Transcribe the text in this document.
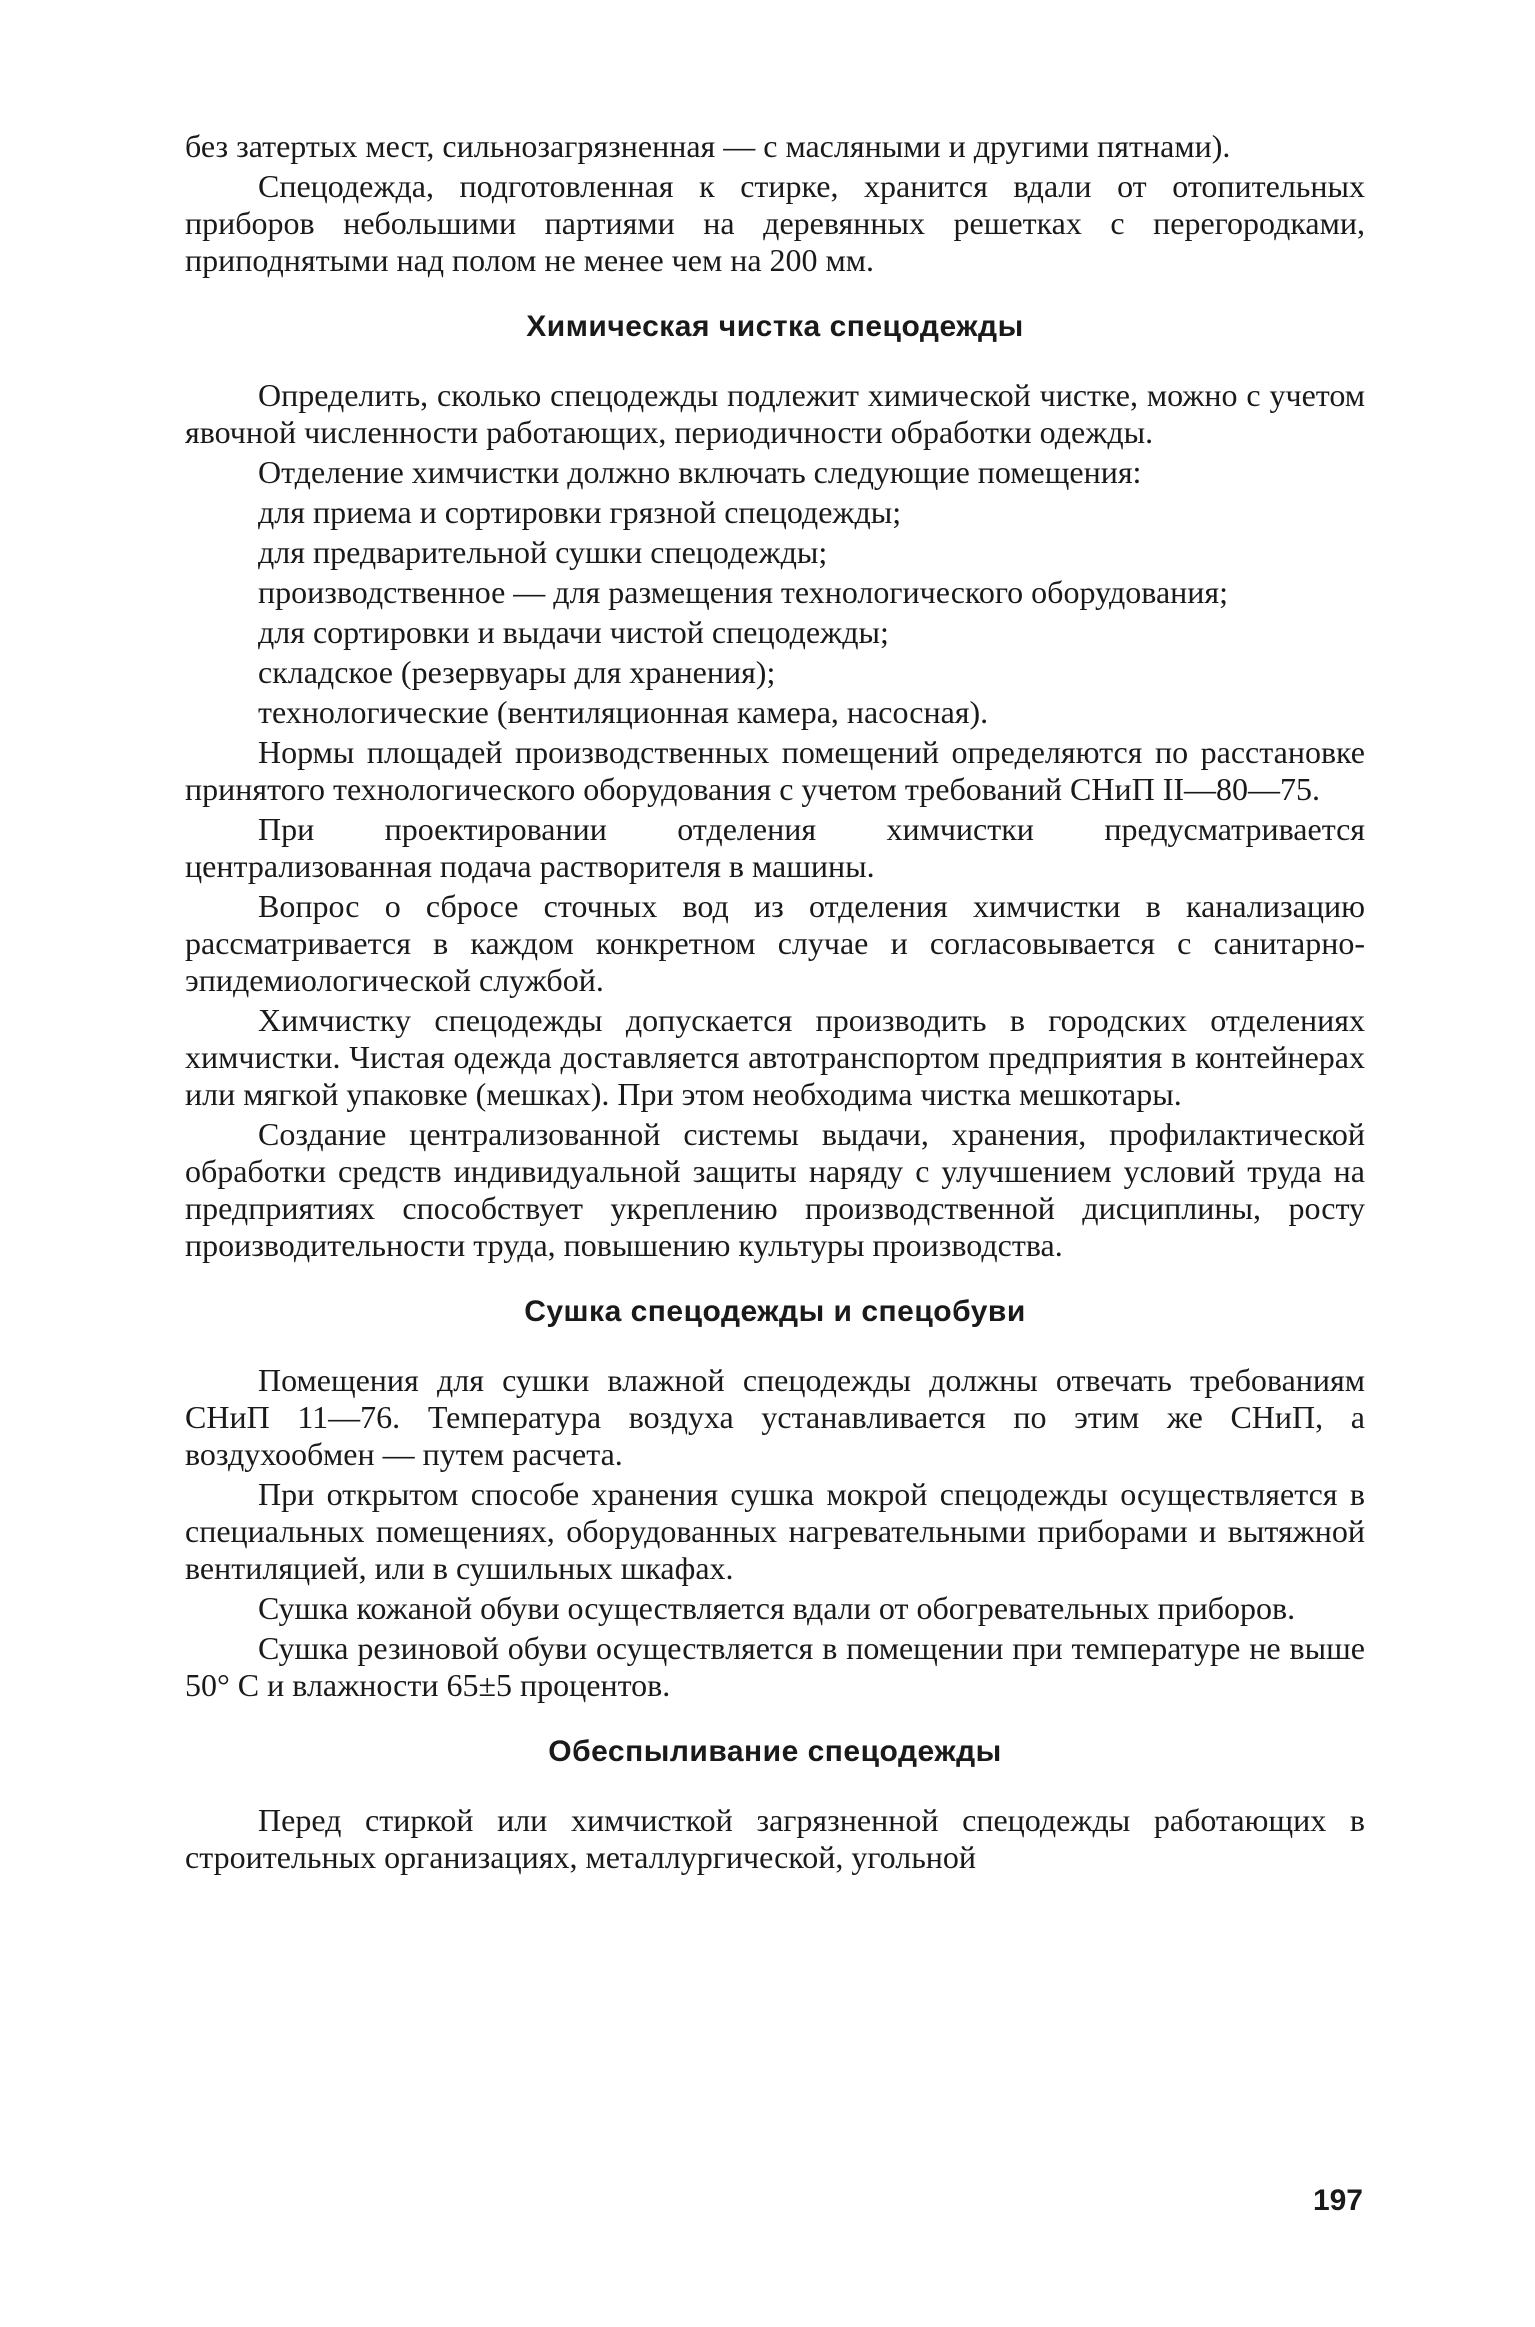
без затертых мест, сильнозагрязненная — с масляными и другими пятнами).

Спецодежда, подготовленная к стирке, хранится вдали от отопительных приборов небольшими партиями на деревянных решетках с перегородками, приподнятыми над полом не менее чем на 200 мм.

Химическая чистка спецодежды

Определить, сколько спецодежды подлежит химической чистке, можно с учетом явочной численности работающих, периодичности обработки одежды.

Отделение химчистки должно включать следующие помещения:

для приема и сортировки грязной спецодежды;

для предварительной сушки спецодежды;

производственное — для размещения технологического оборудования;

для сортировки и выдачи чистой спецодежды;

складское (резервуары для хранения);

технологические (вентиляционная камера, насосная).

Нормы площадей производственных помещений определяются по расстановке принятого технологического оборудования с учетом требований СНиП II—80—75.

При проектировании отделения химчистки предусматривается централизованная подача растворителя в машины.

Вопрос о сбросе сточных вод из отделения химчистки в канализацию рассматривается в каждом конкретном случае и согласовывается с санитарно-эпидемиологической службой.

Химчистку спецодежды допускается производить в городских отделениях химчистки. Чистая одежда доставляется автотранспортом предприятия в контейнерах или мягкой упаковке (мешках). При этом необходима чистка мешкотары.

Создание централизованной системы выдачи, хранения, профилактической обработки средств индивидуальной защиты наряду с улучшением условий труда на предприятиях способствует укреплению производственной дисциплины, росту производительности труда, повышению культуры производства.

Сушка спецодежды и спецобуви

Помещения для сушки влажной спецодежды должны отвечать требованиям СНиП 11—76. Температура воздуха устанавливается по этим же СНиП, а воздухообмен — путем расчета.

При открытом способе хранения сушка мокрой спецодежды осуществляется в специальных помещениях, оборудованных нагревательными приборами и вытяжной вентиляцией, или в сушильных шкафах.

Сушка кожаной обуви осуществляется вдали от обогревательных приборов.

Сушка резиновой обуви осуществляется в помещении при температуре не выше 50° С и влажности 65±5 процентов.

Обеспыливание спецодежды

Перед стиркой или химчисткой загрязненной спецодежды работающих в строительных организациях, металлургической, угольной

197
